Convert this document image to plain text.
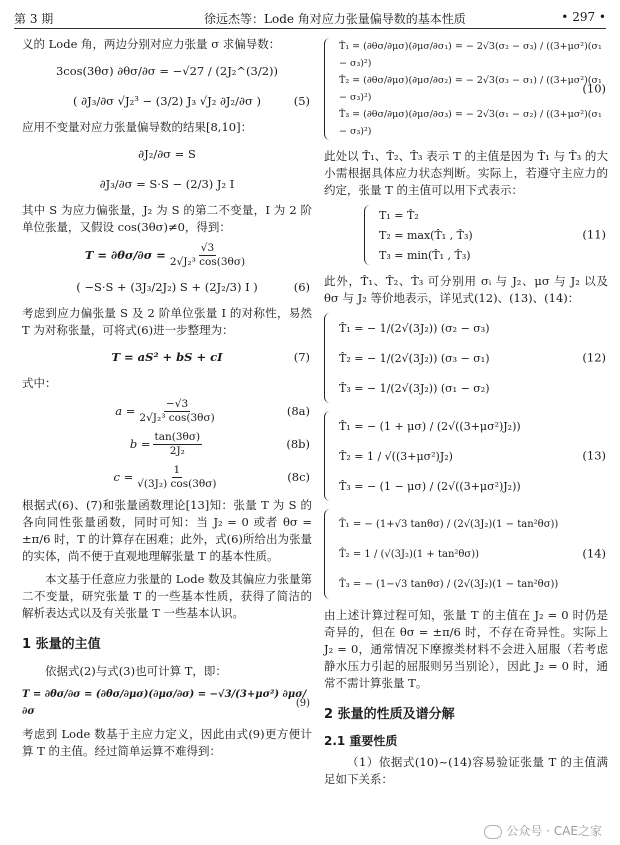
第 3 期	徐远杰等：Lode 角对应力张量偏导数的基本性质	• 297 •

义的 Lode 角，两边分别对应力张量 σ 求偏导数：

3cos(3θσ) ∂θσ/∂σ =
−√27 / (2J₂^(3/2))
( ∂J₃/∂σ √J₂³ − (3/2) J₃ √J₂ ∂J₂/∂σ )	(5)

应用不变量对应力张量偏导数的结果[8,10]：

∂J₂/∂σ = S
∂J₃/∂σ = S·S − (2/3) J₂ I

其中 S 为应力偏张量，J₂ 为 S 的第二不变量，I 为 2 阶单位张量，又假设 cos(3θσ)≠0，得到：

$T = \partial\theta\sigma/\partial\sigma = \frac{√3}{\text{2√J₂³ cos(3θσ)}}$
( −S·S + (3J₃/2J₂) S + (2J₂/3) I )	(6)

考虑到应力偏张量 S 及 2 阶单位张量 I 的对称性，易然 T 为对称张量，可将式(6)进一步整理为：

T = aS² + bS + cI	(7)

式中：

$a = \frac{-√3}{\text{2√J₂³ cos(3θσ)}}$	(8a)
$b = \frac{\tan(3\theta\sigma)}{\text{2J₂}}$	(8b)
$c = \frac{1}{\text{√(3J₂) cos(3θσ)}}$	(8c)

根据式(6)、(7)和张量函数理论[13]知：张量 T 为 S 的各向同性张量函数，同时可知：当 J₂ = 0 或者 θσ = ±π/6 时，T 的计算存在困难；此外，式(6)所给出为张量的实体，尚不便于直观地理解张量 T 的基本性质。

本文基于任意应力张量的 Lode 数及其偏应力张量第二不变量，研究张量 T 的一些基本性质，获得了简洁的解析表达式以及有关张量 T 一些基本认识。

1 张量的主值

依据式(2)与式(3)也可计算 T，即：

T = ∂θσ/∂σ = (∂θσ/∂μσ)(∂μσ/∂σ) = −√3/(3+μσ²) ∂μσ/∂σ
(9)

考虑到 Lode 数基于主应力定义，因此由式(9)更方便计算 T 的主值。经过简单运算不难得到：

T̂₁ = (∂θσ/∂μσ)(∂μσ/∂σ₁) = − 2√3(σ₂ − σ₃) / ((3+μσ²)(σ₁ − σ₃)²)
T̂₂ = (∂θσ/∂μσ)(∂μσ/∂σ₂) = − 2√3(σ₃ − σ₁) / ((3+μσ²)(σ₁ − σ₃)²)
T̂₃ = (∂θσ/∂μσ)(∂μσ/∂σ₃) = − 2√3(σ₁ − σ₂) / ((3+μσ²)(σ₁ − σ₃)²)
(10)

此处以 T̂₁、T̂₂、T̂₃ 表示 T 的主值是因为 T̂₁ 与 T̂₃ 的大小需根据具体应力状态判断。实际上，若遵守主应力的约定，张量 T 的主值可以用下式表示：

T₁ = T̂₂
T₂ = max(T̂₁ , T̂₃)
T₃ = min(T̂₁ , T̂₃)
(11)

此外，T̂₁、T̂₂、T̂₃ 可分别用 σᵢ 与 J₂、μσ 与 J₂ 以及 θσ 与 J₂ 等价地表示，详见式(12)、(13)、(14)：

T̂₁ = − 1/(2√(3J₂)) (σ₂ − σ₃)
T̂₂ = − 1/(2√(3J₂)) (σ₃ − σ₁)
T̂₃ = − 1/(2√(3J₂)) (σ₁ − σ₂)
(12)
T̂₁ = − (1 + μσ) / (2√((3+μσ²)J₂))
T̂₂ = 1 / √((3+μσ²)J₂)
T̂₃ = − (1 − μσ) / (2√((3+μσ²)J₂))
(13)
T̂₁ = − (1+√3 tanθσ) / (2√(3J₂)(1 − tan²θσ))
T̂₂ = 1 / (√(3J₂)(1 + tan²θσ))
T̂₃ = − (1−√3 tanθσ) / (2√(3J₂)(1 − tan²θσ))
(14)

由上述计算过程可知，张量 T 的主值在 J₂ = 0 时仍是奇异的，但在 θσ = ±π/6 时，不存在奇异性。实际上 J₂ = 0，通常情况下摩擦类材料不会进入屈服（若考虑静水压力引起的屈服则另当别论），因此 J₂ = 0 时，通常不需计算张量 T。

2 张量的性质及谱分解
2.1 重要性质

（1）依据式(10)~(14)容易验证张量 T 的主值满足如下关系：

公众号 · CAE之家
